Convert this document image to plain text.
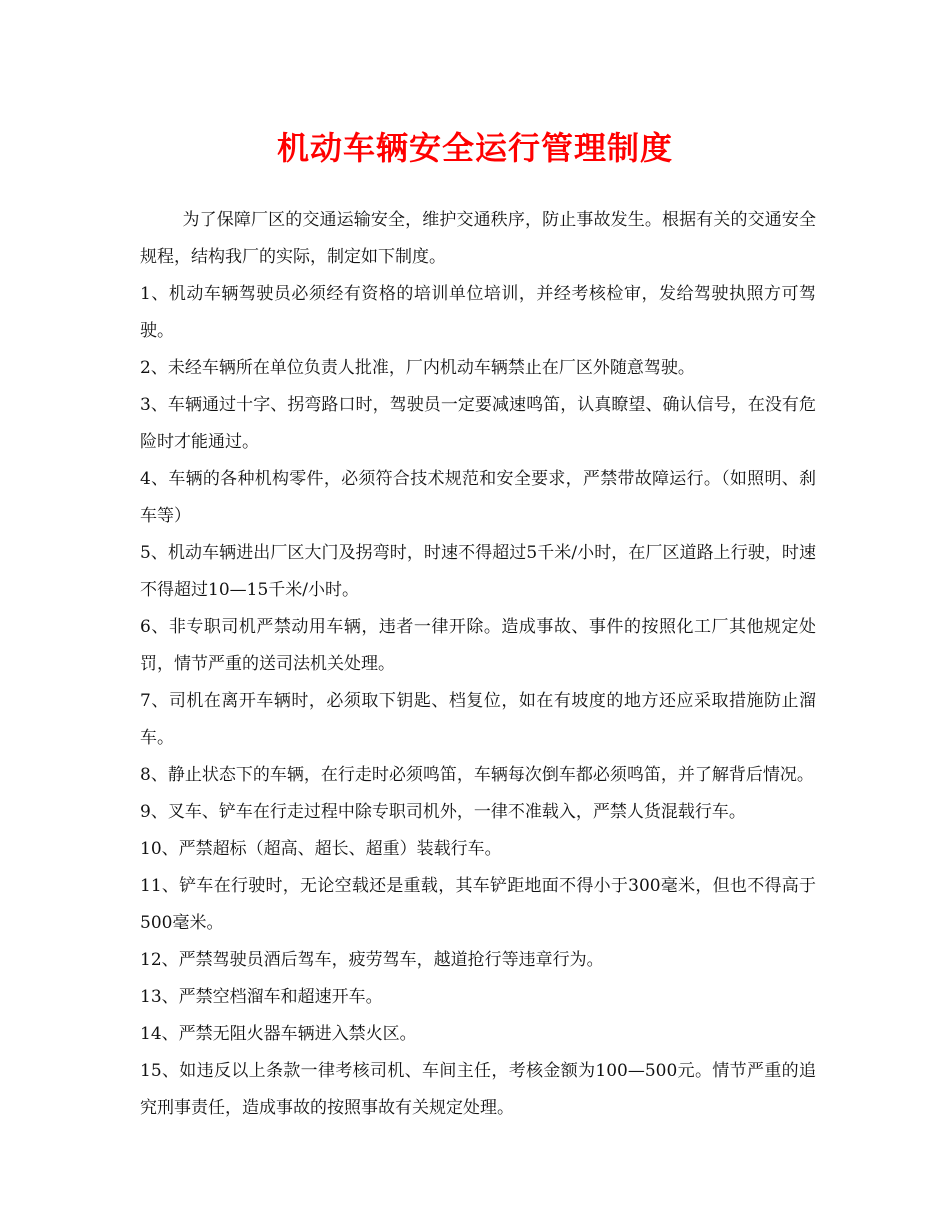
机动车辆安全运行管理制度

为了保障厂区的交通运输安全，维护交通秩序，防止事故发生。根据有关的交通安全规程，结构我厂的实际，制定如下制度。

1、机动车辆驾驶员必须经有资格的培训单位培训，并经考核检审，发给驾驶执照方可驾驶。

2、未经车辆所在单位负责人批准，厂内机动车辆禁止在厂区外随意驾驶。

3、车辆通过十字、拐弯路口时，驾驶员一定要减速鸣笛，认真瞭望、确认信号，在没有危险时才能通过。

4、车辆的各种机构零件，必须符合技术规范和安全要求，严禁带故障运行。（如照明、刹车等）

5、机动车辆进出厂区大门及拐弯时，时速不得超过5千米/小时，在厂区道路上行驶，时速不得超过10—15千米/小时。

6、非专职司机严禁动用车辆，违者一律开除。造成事故、事件的按照化工厂其他规定处罚，情节严重的送司法机关处理。

7、司机在离开车辆时，必须取下钥匙、档复位，如在有坡度的地方还应采取措施防止溜车。

8、静止状态下的车辆，在行走时必须鸣笛，车辆每次倒车都必须鸣笛，并了解背后情况。

9、叉车、铲车在行走过程中除专职司机外，一律不准载入，严禁人货混载行车。

10、严禁超标（超高、超长、超重）装载行车。

11、铲车在行驶时，无论空载还是重载，其车铲距地面不得小于300毫米，但也不得高于500毫米。

12、严禁驾驶员酒后驾车，疲劳驾车，越道抢行等违章行为。

13、严禁空档溜车和超速开车。

14、严禁无阻火器车辆进入禁火区。

15、如违反以上条款一律考核司机、车间主任，考核金额为100—500元。情节严重的追究刑事责任，造成事故的按照事故有关规定处理。
